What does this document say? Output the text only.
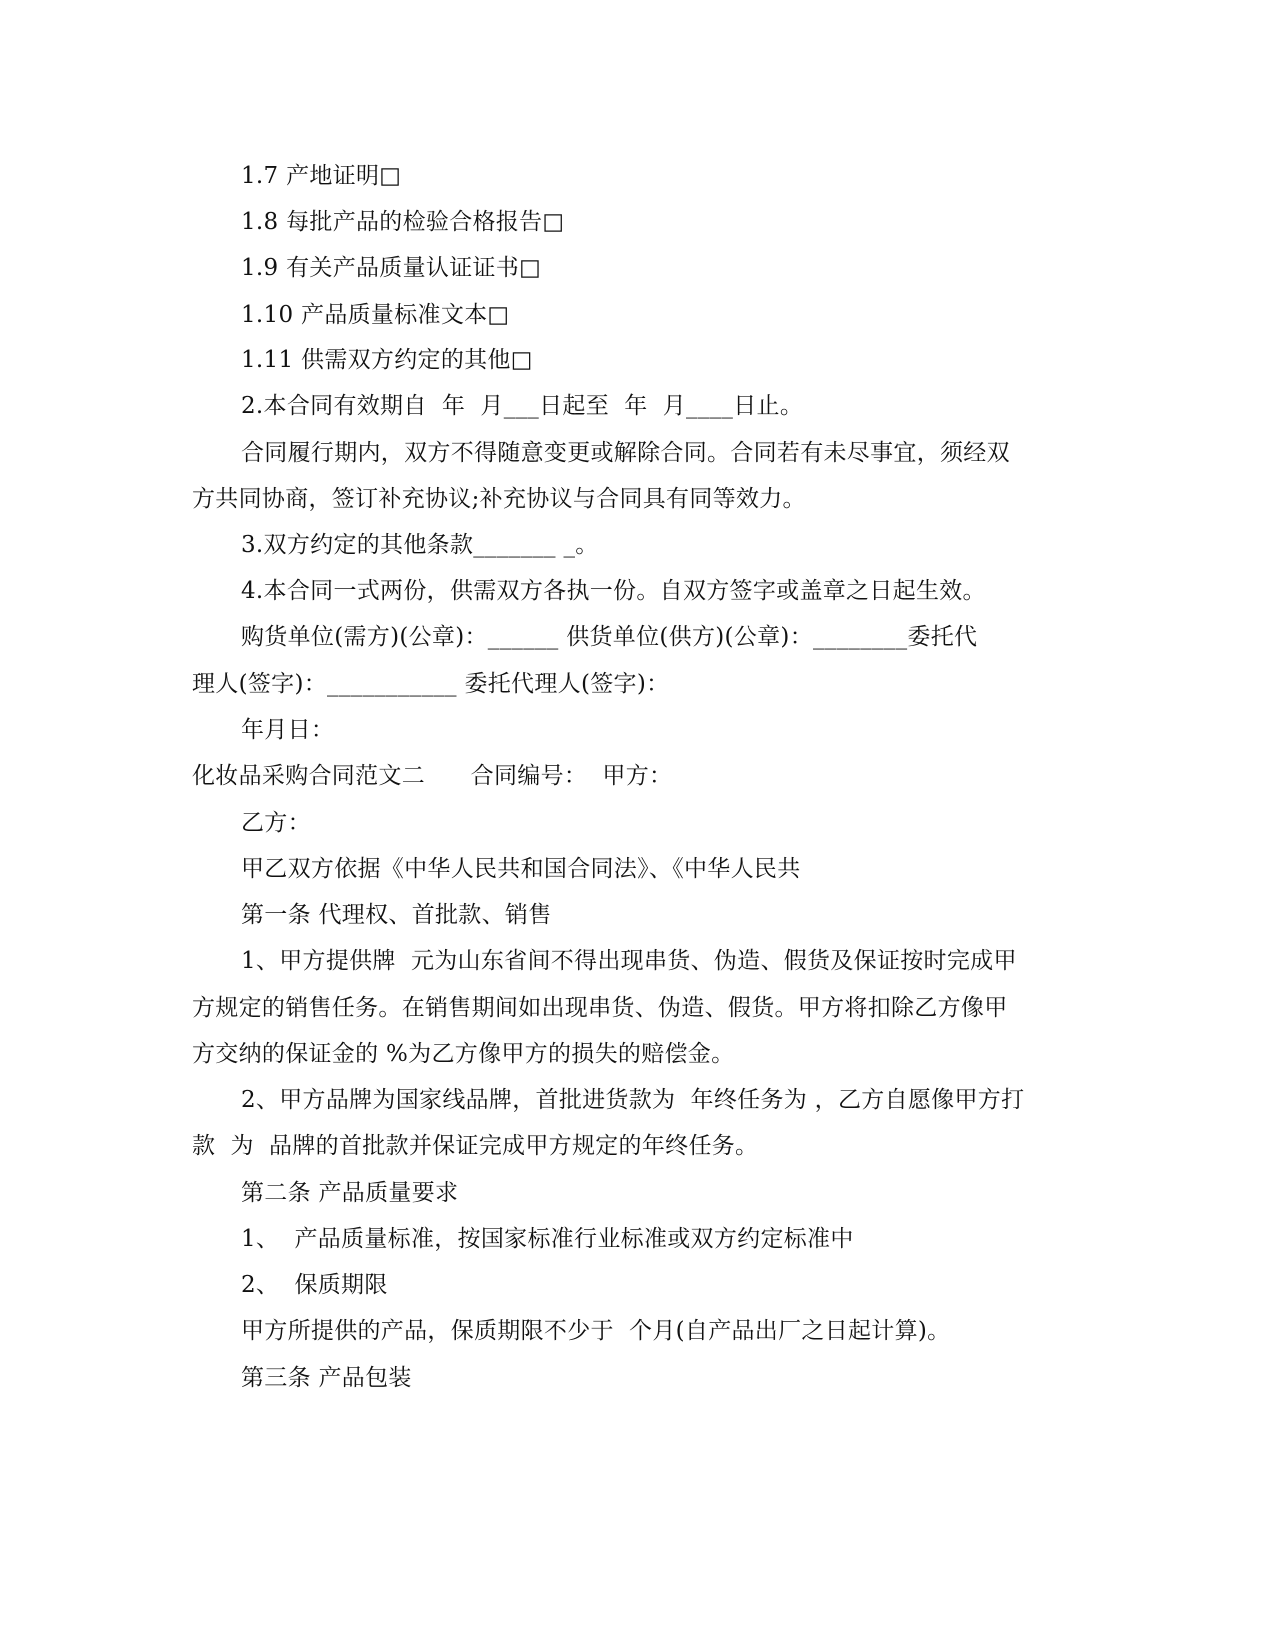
1.7 产地证明□
1.8 每批产品的检验合格报告□
1.9 有关产品质量认证证书□
1.10 产品质量标准文本□
1.11 供需双方约定的其他□
2.本合同有效期自  年  月___日起至  年  月____日止。
合同履行期内，双方不得随意变更或解除合同。合同若有未尽事宜，须经双
方共同协商，签订补充协议;补充协议与合同具有同等效力。
3.双方约定的其他条款_______ _。
4.本合同一式两份，供需双方各执一份。自双方签字或盖章之日起生效。
购货单位(需方)(公章)：______ 供货单位(供方)(公章)：________委托代
理人(签字)：___________ 委托代理人(签字)：
年月日：
化妆品采购合同范文二      合同编号：  甲方：
乙方：
甲乙双方依据《中华人民共和国合同法》、《中华人民共
第一条 代理权、首批款、销售
1、甲方提供牌  元为山东省间不得出现串货、伪造、假货及保证按时完成甲
方规定的销售任务。在销售期间如出现串货、伪造、假货。甲方将扣除乙方像甲
方交纳的保证金的 %为乙方像甲方的损失的赔偿金。
2、甲方品牌为国家线品牌，首批进货款为  年终任务为 ，乙方自愿像甲方打
款  为  品牌的首批款并保证完成甲方规定的年终任务。
第二条 产品质量要求
1、  产品质量标准，按国家标准行业标准或双方约定标准中
2、  保质期限
甲方所提供的产品，保质期限不少于  个月(自产品出厂之日起计算)。
第三条 产品包装
